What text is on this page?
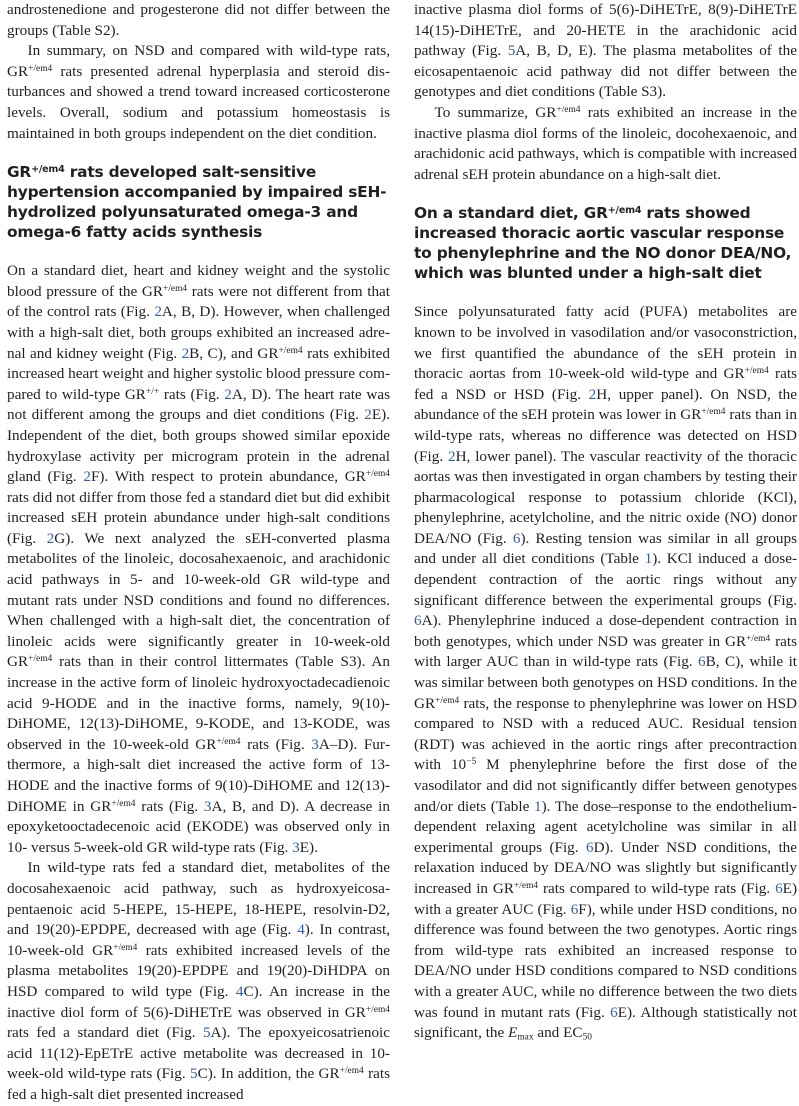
androstenedione and progesterone did not differ between the groups (Table S2).

In summary, on NSD and compared with wild-type rats, $GR^{+/em4}$ rats presented adrenal hyperplasia and steroid disturbances and showed a trend toward increased corticosterone levels. Overall, sodium and potassium homeostasis is maintained in both groups independent on the diet condition.

$GR^{+/em4}$ rats developed salt-sensitive hypertension accompanied by impaired sEH-hydrolized polyunsaturated omega-3 and omega-6 fatty acids synthesis

On a standard diet, heart and kidney weight and the systolic blood pressure of the $GR^{+/em4}$ rats were not different from that of the control rats (Fig. 2A, B, D). However, when challenged with a high-salt diet, both groups exhibited an increased adrenal and kidney weight (Fig. 2B, C), and $GR^{+/em4}$ rats exhibited increased heart weight and higher systolic blood pressure compared to wild-type GR+/+ rats (Fig. 2A, D). The heart rate was not different among the groups and diet conditions (Fig. 2E). Independent of the diet, both groups showed similar epoxide hydroxylase activity per microgram protein in the adrenal gland (Fig. 2F). With respect to protein abundance, $GR^{+/em4}$ rats did not differ from those fed a standard diet but did exhibit increased sEH protein abundance under high-salt conditions (Fig. 2G). We next analyzed the sEH-converted plasma metabolites of the linoleic, docosahexaenoic, and arachidonic acid pathways in 5- and 10-week-old GR wild-type and mutant rats under NSD conditions and found no differences. When challenged with a high-salt diet, the concentration of linoleic acids were significantly greater in 10-week-old $GR^{+/em4}$ rats than in their control littermates (Table S3). An increase in the active form of linoleic hydroxyoctadecadienoic acid 9-HODE and in the inactive forms, namely, 9(10)-DiHOME, 12(13)-DiHOME, 9-KODE, and 13-KODE, was observed in the 10-week-old $GR^{+/em4}$ rats (Fig. 3A–D). Furthermore, a high-salt diet increased the active form of 13-HODE and the inactive forms of 9(10)-DiHOME and 12(13)-DiHOME in $GR^{+/em4}$ rats (Fig. 3A, B, and D). A decrease in epoxyketooctadecenoic acid (EKODE) was observed only in 10- versus 5-week-old GR wild-type rats (Fig. 3E).

In wild-type rats fed a standard diet, metabolites of the docosahexaenoic acid pathway, such as hydroxyeicosapentaenoic acid 5-HEPE, 15-HEPE, 18-HEPE, resolvin-D2, and 19(20)-EPDPE, decreased with age (Fig. 4). In contrast, 10-week-old $GR^{+/em4}$ rats exhibited increased levels of the plasma metabolites 19(20)-EPDPE and 19(20)-DiHDPA on HSD compared to wild type (Fig. 4C). An increase in the inactive diol form of 5(6)-DiHETrE was observed in $GR^{+/em4}$ rats fed a standard diet (Fig. 5A). The epoxyeicosatrienoic acid 11(12)-EpETrE active metabolite was decreased in 10-week-old wild-type rats (Fig. 5C). In addition, the $GR^{+/em4}$ rats fed a high-salt diet presented increased

inactive plasma diol forms of 5(6)-DiHETrE, 8(9)-DiHETrE 14(15)-DiHETrE, and 20-HETE in the arachidonic acid pathway (Fig. 5A, B, D, E). The plasma metabolites of the eicosapentaenoic acid pathway did not differ between the genotypes and diet conditions (Table S3).

To summarize, $GR^{+/em4}$ rats exhibited an increase in the inactive plasma diol forms of the linoleic, docohexaenoic, and arachidonic acid pathways, which is compatible with increased adrenal sEH protein abundance on a high-salt diet.

On a standard diet, $GR^{+/em4}$ rats showed increased thoracic aortic vascular response to phenylephrine and the NO donor DEA/NO, which was blunted under a high-salt diet

Since polyunsaturated fatty acid (PUFA) metabolites are known to be involved in vasodilation and/or vasoconstriction, we first quantified the abundance of the sEH protein in thoracic aortas from 10-week-old wild-type and $GR^{+/em4}$ rats fed a NSD or HSD (Fig. 2H, upper panel). On NSD, the abundance of the sEH protein was lower in $GR^{+/em4}$ rats than in wild-type rats, whereas no difference was detected on HSD (Fig. 2H, lower panel). The vascular reactivity of the thoracic aortas was then investigated in organ chambers by testing their pharmacological response to potassium chloride (KCl), phenylephrine, acetylcholine, and the nitric oxide (NO) donor DEA/NO (Fig. 6). Resting tension was similar in all groups and under all diet conditions (Table 1). KCl induced a dose-dependent contraction of the aortic rings without any significant difference between the experimental groups (Fig. 6A). Phenylephrine induced a dose-dependent contraction in both genotypes, which under NSD was greater in $GR^{+/em4}$ rats with larger AUC than in wild-type rats (Fig. 6B, C), while it was similar between both genotypes on HSD conditions. In the $GR^{+/em4}$ rats, the response to phenylephrine was lower on HSD compared to NSD with a reduced AUC. Residual tension (RDT) was achieved in the aortic rings after precontraction with $10^{-5}$ M phenylephrine before the first dose of the vasodilator and did not significantly differ between genotypes and/or diets (Table 1). The dose–response to the endothelium-dependent relaxing agent acetylcholine was similar in all experimental groups (Fig. 6D). Under NSD conditions, the relaxation induced by DEA/NO was slightly but significantly increased in $GR^{+/em4}$ rats compared to wild-type rats (Fig. 6E) with a greater AUC (Fig. 6F), while under HSD conditions, no difference was found between the two genotypes. Aortic rings from wild-type rats exhibited an increased response to DEA/NO under HSD conditions compared to NSD conditions with a greater AUC, while no difference between the two diets was found in mutant rats (Fig. 6E). Although statistically not significant, the $E_{max}$ and $EC_{50}$
